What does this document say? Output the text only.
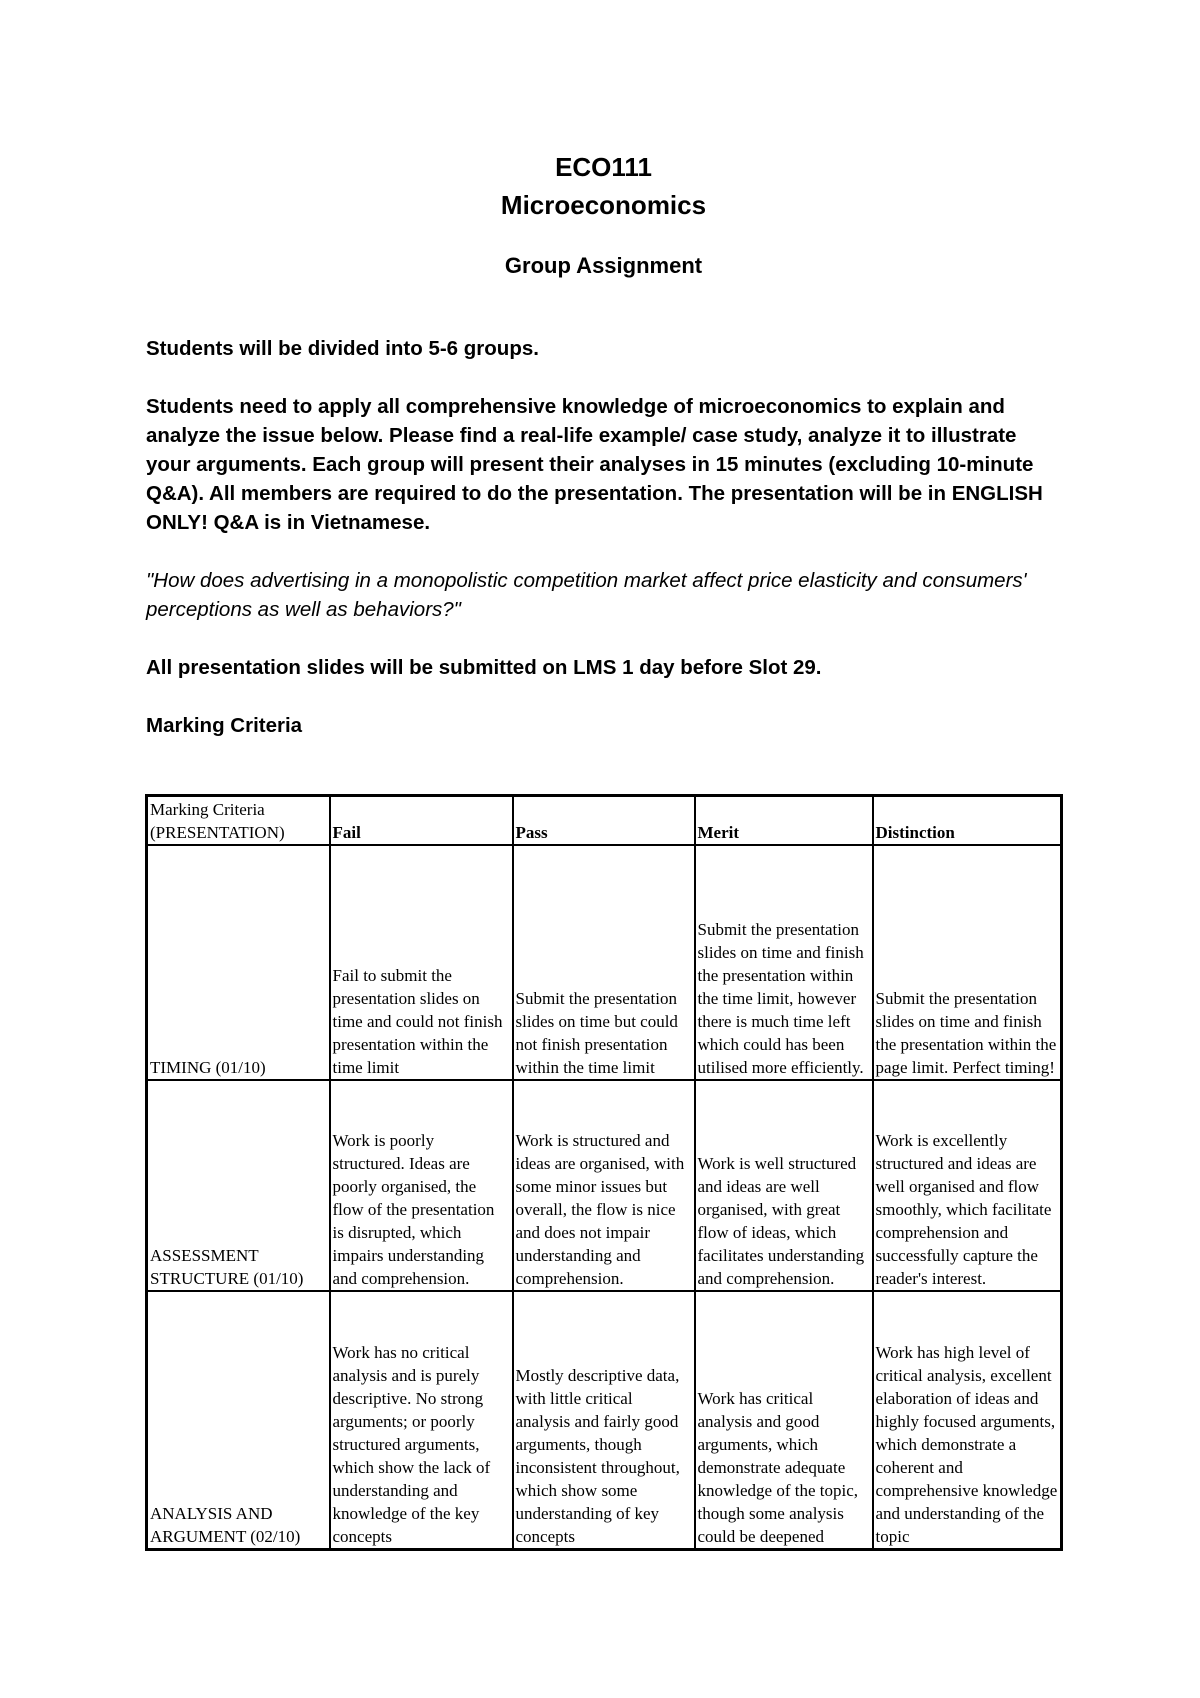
ECO111

Microeconomics

Group Assignment

Students will be divided into 5-6 groups.

Students need to apply all comprehensive knowledge of microeconomics to explain and analyze the issue below. Please find a real-life example/ case study, analyze it to illustrate your arguments. Each group will present their analyses in 15 minutes (excluding 10-minute Q&A). All members are required to do the presentation. The presentation will be in ENGLISH ONLY! Q&A is in Vietnamese.

"How does advertising in a monopolistic competition market affect price elasticity and consumers' perceptions as well as behaviors?"

All presentation slides will be submitted on LMS 1 day before Slot 29.

Marking Criteria

Marking Criteria (PRESENTATION)	Fail	Pass	Merit	Distinction
TIMING (01/10)	Fail to submit the presentation slides on time and could not finish presentation within the time limit	Submit the presentation slides on time but could not finish presentation within the time limit	Submit the presentation slides on time and finish the presentation within the time limit, however there is much time left which could has been utilised more efficiently.	Submit the presentation slides on time and finish the presentation within the page limit. Perfect timing!
ASSESSMENT STRUCTURE (01/10)	Work is poorly structured. Ideas are poorly organised, the flow of the presentation is disrupted, which impairs understanding and comprehension.	Work is structured and ideas are organised, with some minor issues but overall, the flow is nice and does not impair understanding and comprehension.	Work is well structured and ideas are well organised, with great flow of ideas, which facilitates understanding and comprehension.	Work is excellently structured and ideas are well organised and flow smoothly, which facilitate comprehension and successfully capture the reader's interest.
ANALYSIS AND ARGUMENT (02/10)	Work has no critical analysis and is purely descriptive. No strong arguments; or poorly structured arguments, which show the lack of understanding and knowledge of the key concepts	Mostly descriptive data, with little critical analysis and fairly good arguments, though inconsistent throughout, which show some understanding of key concepts	Work has critical analysis and good arguments, which demonstrate adequate knowledge of the topic, though some analysis could be deepened	Work has high level of critical analysis, excellent elaboration of ideas and highly focused arguments, which demonstrate a coherent and comprehensive knowledge and understanding of the topic
